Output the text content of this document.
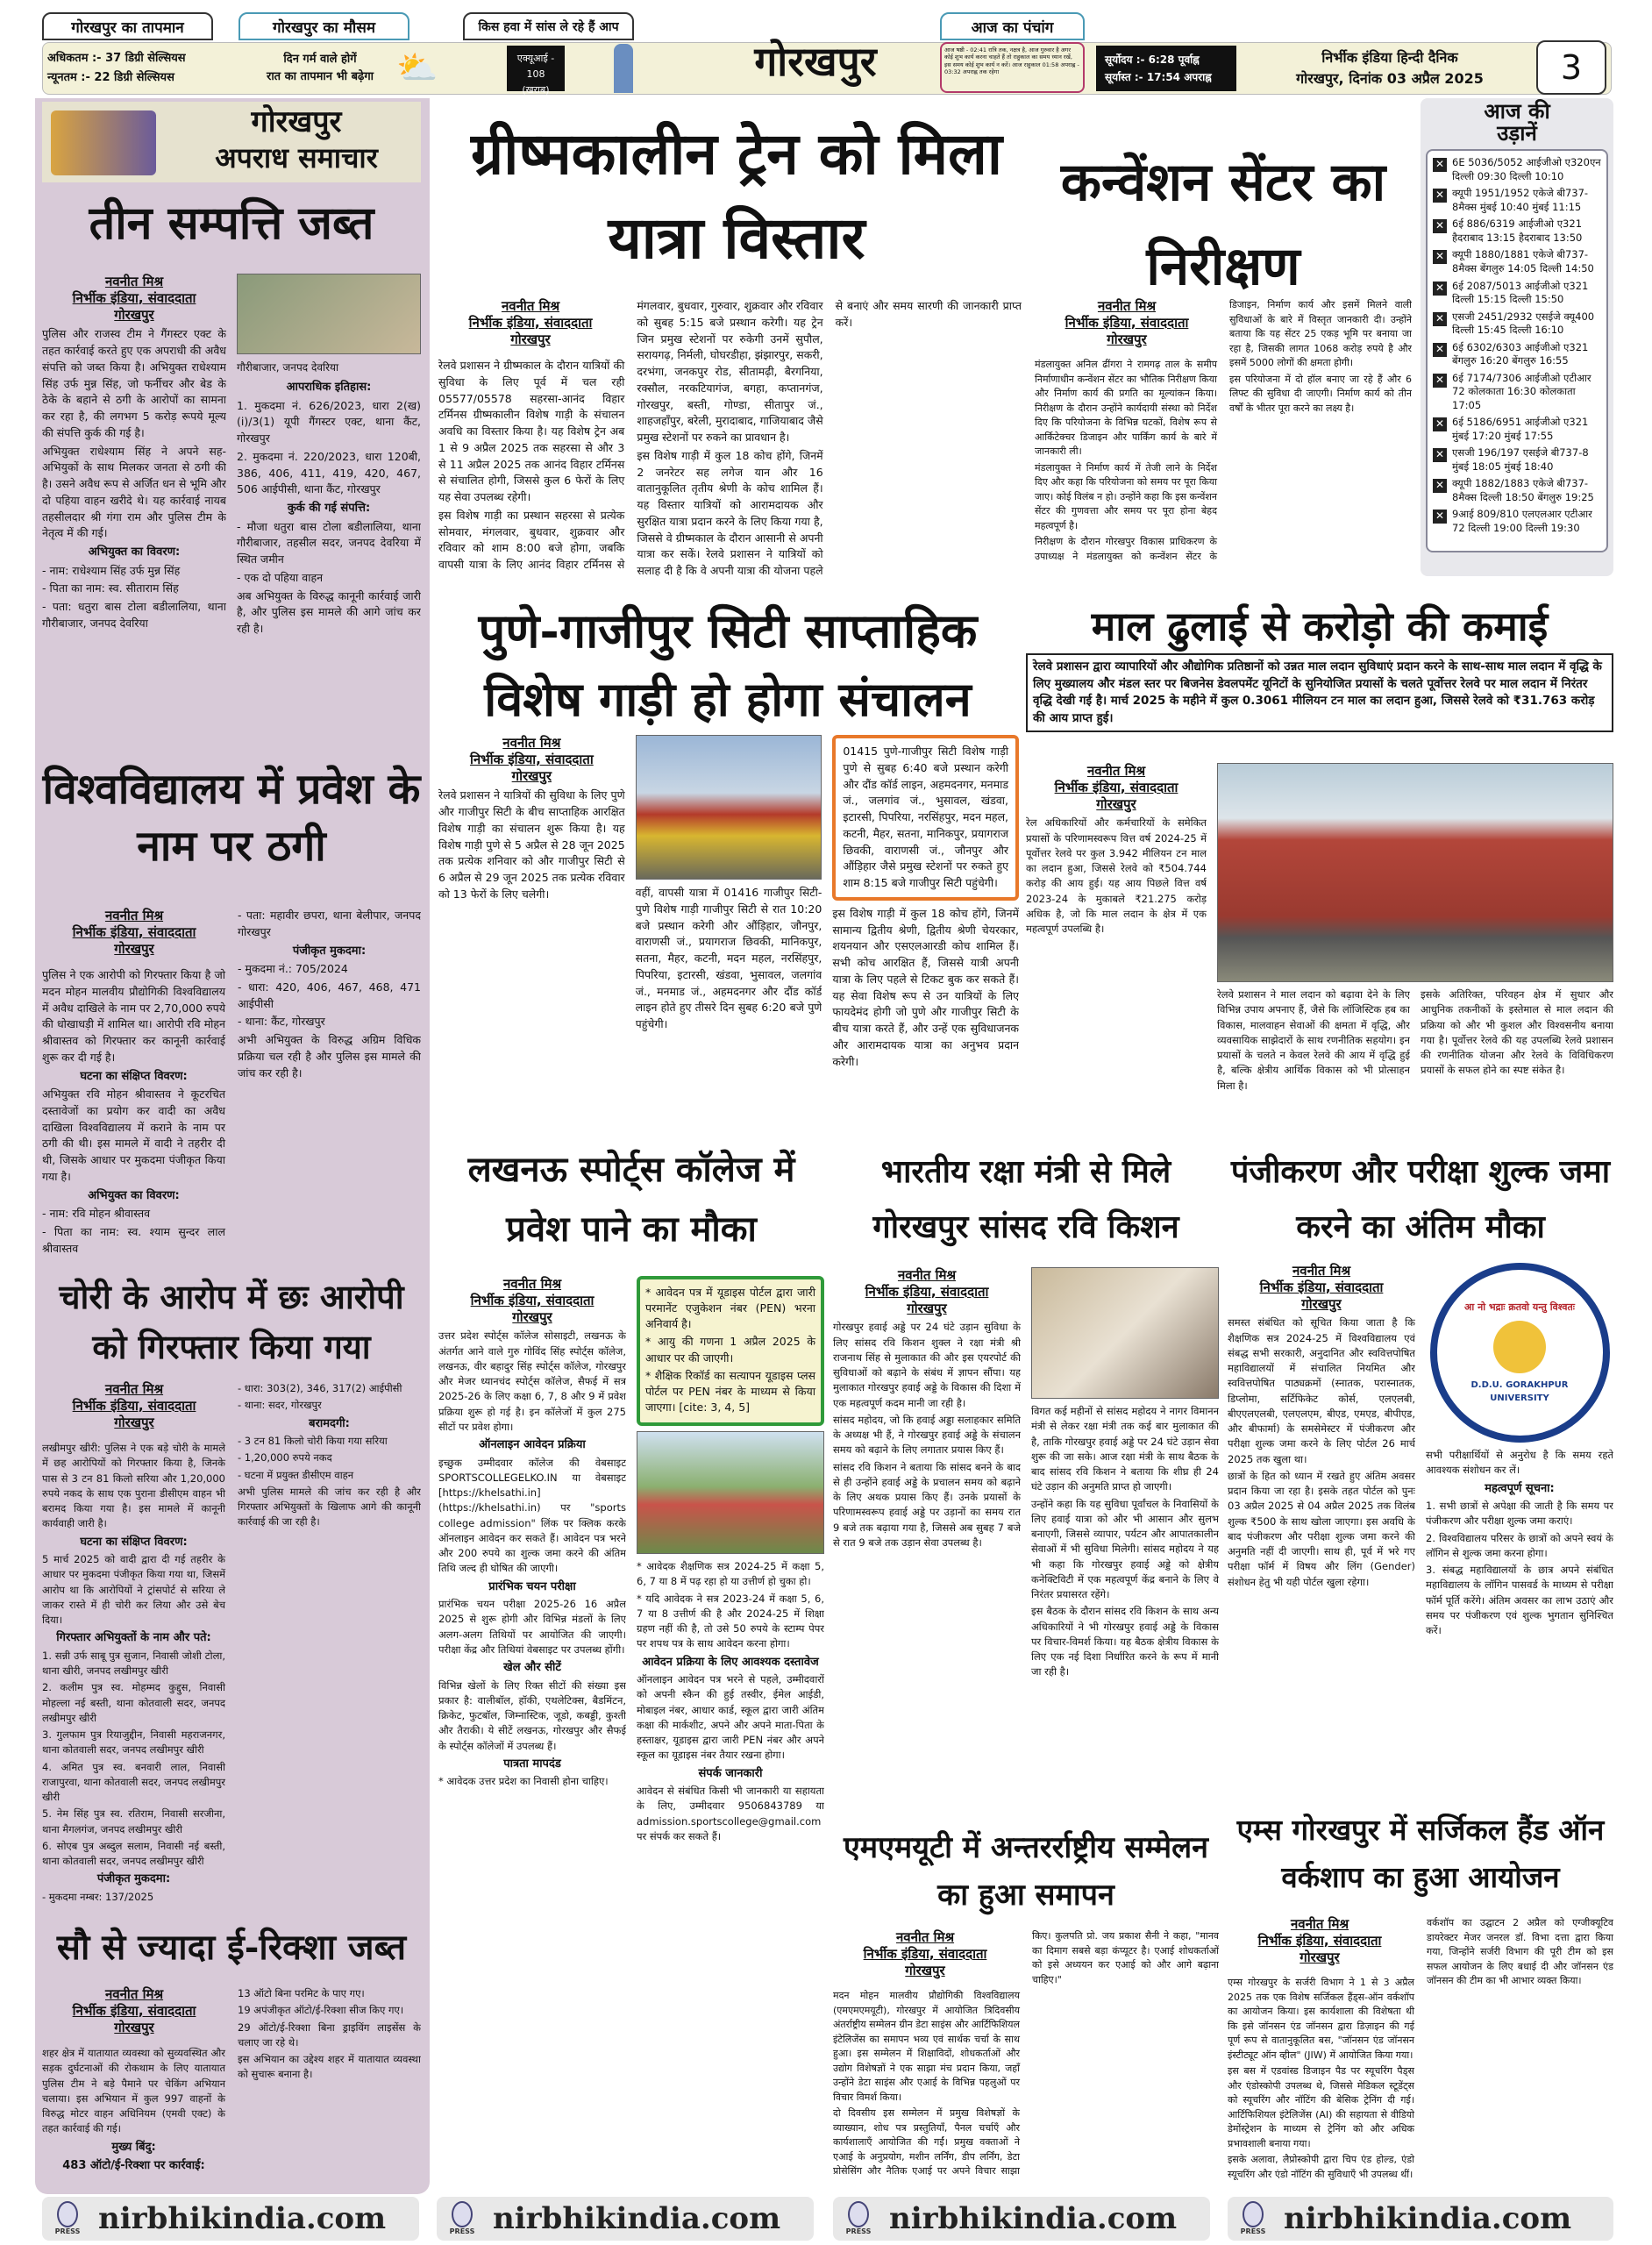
गोरखपुर का तापमान	गोरखपुर का मौसम	किस हवा में सांस ले रहे हैं आप	आज का पंचांग
अधिकतम :- 37 डिग्री सेल्सियस
न्यूनतम :- 22 डिग्री सेल्सियस
दिन गर्म वाले होगें
रात का तापमान भी बढ़ेगा ⛅	एक्यूआई - 108
(खराब)
गोरखपुर	आज षष्ठी - 02:41 रात्रि तक, नक्षत्र है, आज गुरुवार है अगर कोई शुभ कार्य करना चाहते हैं तो राहुकाल का समय ध्यान रखें, इस समय कोई शुभ कार्य न करें। आज राहुकाल 01:58 अपराह्न - 03:32 अपराह्न तक रहेगा
सूर्योदय :- 6:28 पूर्वाह्न
सूर्यास्त :- 17:54 अपराह्न
निर्भीक इंडिया हिन्दी दैनिक
गोरखपुर, दिनांक 03 अप्रैल 2025	3
गोरखपुर
अपराध समाचार
तीन सम्पत्ति जब्त
नवनीत मिश्र
निर्भीक इंडिया, संवाददाता
गोरखपुर

पुलिस और राजस्व टीम ने गैंगस्टर एक्ट के तहत कार्रवाई करते हुए एक अपराधी की अवैध संपत्ति को जब्त किया है। अभियुक्त राधेश्याम सिंह उर्फ मुन्न सिंह, जो फर्नीचर और बेड के ठेके के बहाने से ठगी के आरोपों का सामना कर रहा है, की लगभग 5 करोड़ रूपये मूल्य की संपत्ति कुर्क की गई है।

अभियुक्त राधेश्याम सिंह ने अपने सह-अभियुकों के साथ मिलकर जनता से ठगी की है। उसने अवैध रूप से अर्जित धन से भूमि और दो पहिया वाहन खरीदे थे। यह कार्रवाई नायब तहसीलदार श्री गंगा राम और पुलिस टीम के नेतृत्व में की गई।

अभियुक्त का विवरण:

- नाम: राधेश्याम सिंह उर्फ मुन्न सिंह

- पिता का नाम: स्व. सीताराम सिंह

- पता: धतुरा बास टोला बडीलालिया, थाना गौरीबाजार, जनपद देवरिया

गौरीबाजार, जनपद देवरिया

आपराधिक इतिहास:

1. मुकदमा नं. 626/2023, धारा 2(ख)(i)/3(1) यूपी गैंगस्टर एक्ट, थाना कैंट, गोरखपुर

2. मुकदमा नं. 220/2023, धारा 120बी, 386, 406, 411, 419, 420, 467, 506 आईपीसी, थाना कैंट, गोरखपुर

कुर्क की गई संपत्ति:

- मौजा धतुरा बास टोला बडीलालिया, थाना गौरीबाजार, तहसील सदर, जनपद देवरिया में स्थित जमीन

- एक दो पहिया वाहन

अब अभियुक्त के विरुद्ध कानूनी कार्रवाई जारी है, और पुलिस इस मामले की आगे जांच कर रही है।

विश्वविद्यालय में प्रवेश के नाम पर ठगी
नवनीत मिश्र
निर्भीक इंडिया, संवाददाता
गोरखपुर

पुलिस ने एक आरोपी को गिरफ्तार किया है जो मदन मोहन मालवीय प्रौद्योगिकी विश्वविद्यालय में अवैध दाखिले के नाम पर 2,70,000 रुपये की धोखाधड़ी में शामिल था। आरोपी रवि मोहन श्रीवास्तव को गिरफ्तार कर कानूनी कार्रवाई शुरू कर दी गई है।

घटना का संक्षिप्त विवरण:

अभियुक्त रवि मोहन श्रीवास्तव ने कूटरचित दस्तावेजों का प्रयोग कर वादी का अवैध दाखिला विश्वविद्यालय में कराने के नाम पर ठगी की थी। इस मामले में वादी ने तहरीर दी थी, जिसके आधार पर मुकदमा पंजीकृत किया गया है।

अभियुक्त का विवरण:

- नाम: रवि मोहन श्रीवास्तव

- पिता का नाम: स्व. श्याम सुन्दर लाल श्रीवास्तव

- पता: महावीर छपरा, थाना बेलीपार, जनपद गोरखपुर

पंजीकृत मुकदमा:

- मुकदमा नं.: 705/2024

- धारा: 420, 406, 467, 468, 471 आईपीसी

- थाना: कैंट, गोरखपुर

अभी अभियुक्त के विरुद्ध अग्रिम विधिक प्रक्रिया चल रही है और पुलिस इस मामले की जांच कर रही है।

चोरी के आरोप में छः आरोपी को गिरफ्तार किया गया
नवनीत मिश्र
निर्भीक इंडिया, संवाददाता
गोरखपुर

लखीमपुर खीरी: पुलिस ने एक बड़े चोरी के मामले में छह आरोपियों को गिरफ्तार किया है, जिनके पास से 3 टन 81 किलो सरिया और 1,20,000 रुपये नकद के साथ एक पुराना डीसीएम वाहन भी बरामद किया गया है। इस मामले में कानूनी कार्यवाही जारी है।

घटना का संक्षिप्त विवरण:

5 मार्च 2025 को वादी द्वारा दी गई तहरीर के आधार पर मुकदमा पंजीकृत किया गया था, जिसमें आरोप था कि आरोपियों ने ट्रांसपोर्ट से सरिया ले जाकर रास्ते में ही चोरी कर लिया और उसे बेच दिया।

गिरफ्तार अभियुक्तों के नाम और पते:

1. सन्नी उर्फ साबू पुत्र सुजान, निवासी जोशी टोला, थाना खीरी, जनपद लखीमपुर खीरी

2. कलीम पुत्र स्व. मोहम्मद कुद्दुस, निवासी मोहल्ला नई बस्ती, थाना कोतवाली सदर, जनपद लखीमपुर खीरी

3. गुलफाम पुत्र रियाजुद्दीन, निवासी महराजनगर, थाना कोतवाली सदर, जनपद लखीमपुर खीरी

4. अमित पुत्र स्व. बनवारी लाल, निवासी राजापुरवा, थाना कोतवाली सदर, जनपद लखीमपुर खीरी

5. नेम सिंह पुत्र स्व. रतिराम, निवासी सरजीना, थाना मैगलगंज, जनपद लखीमपुर खीरी

6. सोएब पुत्र अब्दुल सलाम, निवासी नई बस्ती, थाना कोतवाली सदर, जनपद लखीमपुर खीरी

पंजीकृत मुकदमा:

- मुकदमा नम्बर: 137/2025

- धारा: 303(2), 346, 317(2) आईपीसी

- थाना: सदर, गोरखपुर

बरामदगी:

- 3 टन 81 किलो चोरी किया गया सरिया

- 1,20,000 रुपये नकद

- घटना में प्रयुक्त डीसीएम वाहन

अभी पुलिस मामले की जांच कर रही है और गिरफ्तार अभियुक्तों के खिलाफ आगे की कानूनी कार्रवाई की जा रही है।

सौ से ज्यादा ई-रिक्शा जब्त
नवनीत मिश्र
निर्भीक इंडिया, संवाददाता
गोरखपुर

शहर क्षेत्र में यातायात व्यवस्था को सुव्यवस्थित और सड़क दुर्घटनाओं की रोकथाम के लिए यातायात पुलिस टीम ने बड़े पैमाने पर चेकिंग अभियान चलाया। इस अभियान में कुल 997 वाहनों के विरुद्ध मोटर वाहन अधिनियम (एमवी एक्ट) के तहत कार्रवाई की गई।

मुख्य बिंदु:

483 ऑटो/ई-रिक्शा पर कार्रवाई:

13 ऑटो बिना परमिट के पाए गए।

19 अपंजीकृत ऑटो/ई-रिक्शा सीज किए गए।

29 ऑटो/ई-रिक्शा बिना ड्राइविंग लाइसेंस के चलाए जा रहे थे।

इस अभियान का उद्देश्य शहर में यातायात व्यवस्था को सुचारू बनाना है।

ग्रीष्मकालीन ट्रेन को मिला यात्रा विस्तार
नवनीत मिश्र
निर्भीक इंडिया, संवाददाता
गोरखपुर

रेलवे प्रशासन ने ग्रीष्मकाल के दौरान यात्रियों की सुविधा के लिए पूर्व में चल रही 05577/05578 सहरसा-आनंद विहार टर्मिनस ग्रीष्मकालीन विशेष गाड़ी के संचालन अवधि का विस्तार किया है। यह विशेष ट्रेन अब 1 से 9 अप्रैल 2025 तक सहरसा से और 3 से 11 अप्रैल 2025 तक आनंद विहार टर्मिनस से संचालित होगी, जिससे कुल 6 फेरों के लिए यह सेवा उपलब्ध रहेगी।

इस विशेष गाड़ी का प्रस्थान सहरसा से प्रत्येक सोमवार, मंगलवार, बुधवार, शुक्रवार और रविवार को शाम 8:00 बजे होगा, जबकि वापसी यात्रा के लिए आनंद विहार टर्मिनस से मंगलवार, बुधवार, गुरुवार, शुक्रवार और रविवार को सुबह 5:15 बजे प्रस्थान करेगी। यह ट्रेन जिन प्रमुख स्टेशनों पर रुकेगी उनमें सुपौल, सरायगढ़, निर्मली, घोघरडीहा, झंझारपुर, सकरी, दरभंगा, जनकपुर रोड, सीतामढ़ी, बैरगनिया, रक्सौल, नरकटियागंज, बगहा, कप्तानगंज, गोरखपुर, बस्ती, गोण्डा, सीतापुर जं., शाहजहाँपुर, बरेली, मुरादाबाद, गाजियाबाद जैसे प्रमुख स्टेशनों पर रुकने का प्रावधान है।

इस विशेष गाड़ी में कुल 18 कोच होंगे, जिनमें 2 जनरेटर सह लगेज यान और 16 वातानुकूलित तृतीय श्रेणी के कोच शामिल हैं। यह विस्तार यात्रियों को आरामदायक और सुरक्षित यात्रा प्रदान करने के लिए किया गया है, जिससे वे ग्रीष्मकाल के दौरान आसानी से अपनी यात्रा कर सकें। रेलवे प्रशासन ने यात्रियों को सलाह दी है कि वे अपनी यात्रा की योजना पहले से बनाएं और समय सारणी की जानकारी प्राप्त करें।

कन्वेंशन सेंटर का निरीक्षण
नवनीत मिश्र
निर्भीक इंडिया, संवाददाता
गोरखपुर

मंडलायुक्त अनिल ढींगरा ने रामगढ़ ताल के समीप निर्माणाधीन कन्वेंशन सेंटर का भौतिक निरीक्षण किया और निर्माण कार्य की प्रगति का मूल्यांकन किया। निरीक्षण के दौरान उन्होंने कार्यदायी संस्था को निर्देश दिए कि परियोजना के विभिन्न घटकों, विशेष रूप से आर्किटेक्चर डिजाइन और पार्किंग कार्य के बारे में जानकारी ली।

मंडलायुक्त ने निर्माण कार्य में तेजी लाने के निर्देश दिए और कहा कि परियोजना को समय पर पूरा किया जाए। कोई विलंब न हो। उन्होंने कहा कि इस कन्वेंशन सेंटर की गुणवत्ता और समय पर पूरा होना बेहद महत्वपूर्ण है।

निरीक्षण के दौरान गोरखपुर विकास प्राधिकरण के उपाध्यक्ष ने मंडलायुक्त को कन्वेंशन सेंटर के डिजाइन, निर्माण कार्य और इसमें मिलने वाली सुविधाओं के बारे में विस्तृत जानकारी दी। उन्होंने बताया कि यह सेंटर 25 एकड़ भूमि पर बनाया जा रहा है, जिसकी लागत 1068 करोड़ रुपये है और इसमें 5000 लोगों की क्षमता होगी।

इस परियोजना में दो हॉल बनाए जा रहे हैं और 6 लिफ्ट की सुविधा दी जाएगी। निर्माण कार्य को तीन वर्षों के भीतर पूरा करने का लक्ष्य है।

आज की
उड़ानें
✕
6E 5036/5052 आईजीओ ए320एन दिल्ली 09:30 दिल्ली 10:10
✕
क्यूपी 1951/1952 एकेजे बी737-8मैक्स मुंबई 10:40 मुंबई 11:15
✕
6ई 886/6319 आईजीओ ए321 हैदराबाद 13:15 हैदराबाद 13:50
✕
क्यूपी 1880/1881 एकेजे बी737-8मैक्स बेंगलुरु 14:05 दिल्ली 14:50
✕
6ई 2087/5013 आईजीओ ए321 दिल्ली 15:15 दिल्ली 15:50
✕
एसजी 2451/2932 एसईजे क्यू400 दिल्ली 15:45 दिल्ली 16:10
✕
6ई 6302/6303 आईजीओ ए321 बेंगलुरु 16:20 बेंगलुरु 16:55
✕
6ई 7174/7306 आईजीओ एटीआर 72 कोलकाता 16:30 कोलकाता 17:05
✕
6ई 5186/6951 आईजीओ ए321 मुंबई 17:20 मुंबई 17:55
✕
एसजी 196/197 एसईजे बी737-8 मुंबई 18:05 मुंबई 18:40
✕
क्यूपी 1882/1883 एकेजे बी737-8मैक्स दिल्ली 18:50 बेंगलुरु 19:25
✕
9आई 809/810 एलएलआर एटीआर 72 दिल्ली 19:00 दिल्ली 19:30
पुणे-गाजीपुर सिटी साप्ताहिक विशेष गाड़ी हो होगा संचालन
नवनीत मिश्र
निर्भीक इंडिया, संवाददाता
गोरखपुर

रेलवे प्रशासन ने यात्रियों की सुविधा के लिए पुणे और गाजीपुर सिटी के बीच साप्ताहिक आरक्षित विशेष गाड़ी का संचालन शुरू किया है। यह विशेष गाड़ी पुणे से 5 अप्रैल से 28 जून 2025 तक प्रत्येक शनिवार को और गाजीपुर सिटी से 6 अप्रैल से 29 जून 2025 तक प्रत्येक रविवार को 13 फेरों के लिए चलेगी।	वहीं, वापसी यात्रा में 01416 गाजीपुर सिटी-पुणे विशेष गाड़ी गाजीपुर सिटी से रात 10:20 बजे प्रस्थान करेगी और औंड़िहार, जौनपुर, वाराणसी जं., प्रयागराज छिवकी, मानिकपुर, सतना, मैहर, कटनी, मदन महल, नरसिंहपुर, पिपरिया, इटारसी, खंडवा, भुसावल, जलगांव जं., मनमाड जं., अहमदनगर और दौंड कॉर्ड लाइन होते हुए तीसरे दिन सुबह 6:20 बजे पुणे पहुंचेगी।

01415 पुणे-गाजीपुर सिटी विशेष गाड़ी पुणे से सुबह 6:40 बजे प्रस्थान करेगी और दौंड कॉर्ड लाइन, अहमदनगर, मनमाड जं., जलगांव जं., भुसावल, खंडवा, इटारसी, पिपरिया, नरसिंहपुर, मदन महल, कटनी, मैहर, सतना, मानिकपुर, प्रयागराज छिवकी, वाराणसी जं., जौनपुर और औंड़िहार जैसे प्रमुख स्टेशनों पर रुकते हुए शाम 8:15 बजे गाजीपुर सिटी पहुंचेगी।

इस विशेष गाड़ी में कुल 18 कोच होंगे, जिनमें सामान्य द्वितीय श्रेणी, द्वितीय श्रेणी चेयरकार, शयनयान और एसएलआरडी कोच शामिल हैं। सभी कोच आरक्षित हैं, जिससे यात्री अपनी यात्रा के लिए पहले से टिकट बुक कर सकते हैं। यह सेवा विशेष रूप से उन यात्रियों के लिए फायदेमंद होगी जो पुणे और गाजीपुर सिटी के बीच यात्रा करते हैं, और उन्हें एक सुविधाजनक और आरामदायक यात्रा का अनुभव प्रदान करेगी।

माल ढुलाई से करोड़ो की कमाई
रेलवे प्रशासन द्वारा व्यापारियों और औद्योगिक प्रतिष्ठानों को उन्नत माल लदान सुविधाएं प्रदान करने के साथ-साथ माल लदान में वृद्धि के लिए मुख्यालय और मंडल स्तर पर बिजनेस डेवलपमेंट यूनिटों के सुनियोजित प्रयासों के चलते पूर्वोत्तर रेलवे पर माल लदान में निरंतर वृद्धि देखी गई है। मार्च 2025 के महीने में कुल 0.3061 मीलियन टन माल का लदान हुआ, जिससे रेलवे को ₹31.763 करोड़ की आय प्राप्त हुई।
नवनीत मिश्र
निर्भीक इंडिया, संवाददाता
गोरखपुर

रेल अधिकारियों और कर्मचारियों के समेकित प्रयासों के परिणामस्वरूप वित्त वर्ष 2024-25 में पूर्वोत्तर रेलवे पर कुल 3.942 मीलियन टन माल का लदान हुआ, जिससे रेलवे को ₹504.744 करोड़ की आय हुई। यह आय पिछले वित्त वर्ष 2023-24 के मुकाबले ₹21.275 करोड़ अधिक है, जो कि माल लदान के क्षेत्र में एक महत्वपूर्ण उपलब्धि है।

रेलवे प्रशासन ने माल लदान को बढ़ावा देने के लिए विभिन्न उपाय अपनाए हैं, जैसे कि लॉजिस्टिक हब का विकास, मालवाहन सेवाओं की क्षमता में वृद्धि, और व्यवसायिक साझेदारों के साथ रणनीतिक सहयोग। इन प्रयासों के चलते न केवल रेलवे की आय में वृद्धि हुई है, बल्कि क्षेत्रीय आर्थिक विकास को भी प्रोत्साहन मिला है।

इसके अतिरिक्त, परिवहन क्षेत्र में सुधार और आधुनिक तकनीकों के इस्तेमाल से माल लदान की प्रक्रिया को और भी कुशल और विश्वसनीय बनाया गया है। पूर्वोत्तर रेलवे की यह उपलब्धि रेलवे प्रशासन की रणनीतिक योजना और रेलवे के विविधिकरण प्रयासों के सफल होने का स्पष्ट संकेत है।

लखनऊ स्पोर्ट्स कॉलेज में प्रवेश पाने का मौका
नवनीत मिश्र
निर्भीक इंडिया, संवाददाता
गोरखपुर

उत्तर प्रदेश स्पोर्ट्स कॉलेज सोसाइटी, लखनऊ के अंतर्गत आने वाले गुरु गोविंद सिंह स्पोर्ट्स कॉलेज, लखनऊ, वीर बहादुर सिंह स्पोर्ट्स कॉलेज, गोरखपुर और मेजर ध्यानचंद स्पोर्ट्स कॉलेज, सैफई में सत्र 2025-26 के लिए कक्षा 6, 7, 8 और 9 में प्रवेश प्रक्रिया शुरू हो गई है। इन कॉलेजों में कुल 275 सीटों पर प्रवेश होगा।

ऑनलाइन आवेदन प्रक्रिया

इच्छुक उम्मीदवार कॉलेज की वेबसाइट SPORTSCOLLEGELKO.IN या वेबसाइट [https://khelsathi.in](https://khelsathi.in) पर "sports college admission" लिंक पर क्लिक करके ऑनलाइन आवेदन कर सकते हैं। आवेदन पत्र भरने और 200 रुपये का शुल्क जमा करने की अंतिम तिथि जल्द ही घोषित की जाएगी।

प्रारंभिक चयन परीक्षा

प्रारंभिक चयन परीक्षा 2025-26 16 अप्रैल 2025 से शुरू होगी और विभिन्न मंडलों के लिए अलग-अलग तिथियों पर आयोजित की जाएगी। परीक्षा केंद्र और तिथियां वेबसाइट पर उपलब्ध होंगी।

खेल और सीटें

विभिन्न खेलों के लिए रिक्त सीटों की संख्या इस प्रकार है: वालीबॉल, हॉकी, एथलेटिक्स, बैडमिंटन, क्रिकेट, फुटबॉल, जिम्नास्टिक, जूडो, कबड्डी, कुश्ती और तैराकी। ये सीटें लखनऊ, गोरखपुर और सैफई के स्पोर्ट्स कॉलेजों में उपलब्ध हैं।

पात्रता मापदंड

* आवेदक उत्तर प्रदेश का निवासी होना चाहिए।

* आवेदन पत्र में यूडाइस पोर्टल द्वारा जारी परमानेंट एजुकेशन नंबर (PEN) भरना अनिवार्य है।

* आयु की गणना 1 अप्रैल 2025 के आधार पर की जाएगी।

* शैक्षिक रिकॉर्ड का सत्यापन यूडाइस प्लस पोर्टल पर PEN नंबर के माध्यम से किया जाएगा। [cite: 3, 4, 5]

* आवेदक शैक्षणिक सत्र 2024-25 में कक्षा 5, 6, 7 या 8 में पढ़ रहा हो या उत्तीर्ण हो चुका हो।

* यदि आवेदक ने सत्र 2023-24 में कक्षा 5, 6, 7 या 8 उत्तीर्ण की है और 2024-25 में शिक्षा ग्रहण नहीं की है, तो उसे 50 रुपये के स्टाम्प पेपर पर शपथ पत्र के साथ आवेदन करना होगा।

आवेदन प्रक्रिया के लिए आवश्यक दस्तावेज

ऑनलाइन आवेदन पत्र भरने से पहले, उम्मीदवारों को अपनी स्कैन की हुई तस्वीर, ईमेल आईडी, मोबाइल नंबर, आधार कार्ड, स्कूल द्वारा जारी अंतिम कक्षा की मार्कशीट, अपने और अपने माता-पिता के हस्ताक्षर, यूडाइस द्वारा जारी PEN नंबर और अपने स्कूल का यूडाइस नंबर तैयार रखना होगा।

संपर्क जानकारी

आवेदन से संबंधित किसी भी जानकारी या सहायता के लिए, उम्मीदवार 9506843789 या admission.sportscollege@gmail.com पर संपर्क कर सकते हैं।

भारतीय रक्षा मंत्री से मिले गोरखपुर सांसद रवि किशन
नवनीत मिश्र
निर्भीक इंडिया, संवाददाता
गोरखपुर

गोरखपुर हवाई अड्डे पर 24 घंटे उड़ान सुविधा के लिए सांसद रवि किशन शुक्ल ने रक्षा मंत्री श्री राजनाथ सिंह से मुलाकात की और इस एयरपोर्ट की सुविधाओं को बढ़ाने के संबंध में ज्ञापन सौंपा। यह मुलाकात गोरखपुर हवाई अड्डे के विकास की दिशा में एक महत्वपूर्ण कदम मानी जा रही है।

सांसद महोदय, जो कि हवाई अड्डा सलाहकार समिति के अध्यक्ष भी हैं, ने गोरखपुर हवाई अड्डे के संचालन समय को बढ़ाने के लिए लगातार प्रयास किए हैं।

सांसद रवि किशन ने बताया कि सांसद बनने के बाद से ही उन्होंने हवाई अड्डे के प्रचालन समय को बढ़ाने के लिए अथक प्रयास किए हैं। उनके प्रयासों के परिणामस्वरूप हवाई अड्डे पर उड़ानों का समय रात 9 बजे तक बढ़ाया गया है, जिससे अब सुबह 7 बजे से रात 9 बजे तक उड़ान सेवा उपलब्ध है।

विगत कई महीनों से सांसद महोदय ने नागर विमानन मंत्री से लेकर रक्षा मंत्री तक कई बार मुलाकात की है, ताकि गोरखपुर हवाई अड्डे पर 24 घंटे उड़ान सेवा शुरू की जा सके। आज रक्षा मंत्री के साथ बैठक के बाद सांसद रवि किशन ने बताया कि शीघ्र ही 24 घंटे उड़ान की अनुमति प्राप्त हो जाएगी।

उन्होंने कहा कि यह सुविधा पूर्वांचल के निवासियों के लिए हवाई यात्रा को और भी आसान और सुलभ बनाएगी, जिससे व्यापार, पर्यटन और आपातकालीन सेवाओं में भी सुविधा मिलेगी। सांसद महोदय ने यह भी कहा कि गोरखपुर हवाई अड्डे को क्षेत्रीय कनेक्टिविटी में एक महत्वपूर्ण केंद्र बनाने के लिए वे निरंतर प्रयासरत रहेंगे।

इस बैठक के दौरान सांसद रवि किशन के साथ अन्य अधिकारियों ने भी गोरखपुर हवाई अड्डे के विकास पर विचार-विमर्श किया। यह बैठक क्षेत्रीय विकास के लिए एक नई दिशा निर्धारित करने के रूप में मानी जा रही है।

पंजीकरण और परीक्षा शुल्क जमा करने का अंतिम मौका
नवनीत मिश्र
निर्भीक इंडिया, संवाददाता
गोरखपुर

समस्त संबंधित को सूचित किया जाता है कि शैक्षणिक सत्र 2024-25 में विश्वविद्यालय एवं संबद्ध सभी सरकारी, अनुदानित और स्ववित्तपोषित महाविद्यालयों में संचालित नियमित और स्ववित्तपोषित पाठ्यक्रमों (स्नातक, परास्नातक, डिप्लोमा, सर्टिफिकेट कोर्स, एलएलबी, बीएएलएलबी, एलएलएम, बीएड, एमएड, बीपीएड, और बीफार्मा) के समसेमेस्टर में पंजीकरण और परीक्षा शुल्क जमा करने के लिए पोर्टल 26 मार्च 2025 तक खुला था।

छात्रों के हित को ध्यान में रखते हुए अंतिम अवसर प्रदान किया जा रहा है। इसके तहत पोर्टल को पुनः 03 अप्रैल 2025 से 04 अप्रैल 2025 तक विलंब शुल्क ₹500 के साथ खोला जाएगा। इस अवधि के बाद पंजीकरण और परीक्षा शुल्क जमा करने की अनुमति नहीं दी जाएगी। साथ ही, पूर्व में भरे गए परीक्षा फॉर्म में विषय और लिंग (Gender) संशोधन हेतु भी यही पोर्टल खुला रहेगा।

आ नो भद्राः क्रतवो यन्तु विश्वतः
D.D.U. GORAKHPUR UNIVERSITY

सभी परीक्षार्थियों से अनुरोध है कि समय रहते आवश्यक संशोधन कर लें।

महत्वपूर्ण सूचना:

1. सभी छात्रों से अपेक्षा की जाती है कि समय पर पंजीकरण और परीक्षा शुल्क जमा कराएं।

2. विश्वविद्यालय परिसर के छात्रों को अपने स्वयं के लॉगिन से शुल्क जमा करना होगा।

3. संबद्ध महाविद्यालयों के छात्र अपने संबंधित महाविद्यालय के लॉगिन पासवर्ड के माध्यम से परीक्षा फॉर्म पूर्ति करेंगे। अंतिम अवसर का लाभ उठाएं और समय पर पंजीकरण एवं शुल्क भुगतान सुनिश्चित करें।

एमएमयूटी में अन्तरर्राष्ट्रीय सम्मेलन का हुआ समापन
नवनीत मिश्र
निर्भीक इंडिया, संवाददाता
गोरखपुर

मदन मोहन मालवीय प्रौद्योगिकी विश्वविद्यालय (एमएमएमयूटी), गोरखपुर में आयोजित त्रिदिवसीय अंतर्राष्ट्रीय सम्मेलन ग्रीन डेटा साइंस और आर्टिफिशियल इंटेलिजेंस का समापन भव्य एवं सार्थक चर्चा के साथ हुआ। इस सम्मेलन में शिक्षाविदों, शोधकर्ताओं और उद्योग विशेषज्ञों ने एक साझा मंच प्रदान किया, जहाँ उन्होंने डेटा साइंस और एआई के विभिन्न पहलुओं पर विचार विमर्श किया।

दो दिवसीय इस सम्मेलन में प्रमुख विशेषज्ञों के व्याख्यान, शोध पत्र प्रस्तुतियाँ, पैनल चर्चाएँ और कार्यशालाएँ आयोजित की गईं। प्रमुख वक्ताओं ने एआई के अनुप्रयोग, मशीन लर्निंग, डीप लर्निंग, डेटा प्रोसेसिंग और नैतिक एआई पर अपने विचार साझा किए। कुलपति प्रो. जय प्रकाश सैनी ने कहा, "मानव का दिमाग सबसे बड़ा कंप्यूटर है। एआई शोधकर्ताओं को इसे अध्ययन कर एआई को और आगे बढ़ाना चाहिए।"

एम्स गोरखपुर में सर्जिकल हैंड ऑन वर्कशाप का हुआ आयोजन
नवनीत मिश्र
निर्भीक इंडिया, संवाददाता
गोरखपुर

एम्स गोरखपुर के सर्जरी विभाग ने 1 से 3 अप्रैल 2025 तक एक विशेष सर्जिकल हैंड्स-ऑन वर्कशॉप का आयोजन किया। इस कार्यशाला की विशेषता थी कि इसे जॉनसन एंड जॉनसन द्वारा डिज़ाइन की गई पूर्ण रूप से वातानुकूलित बस, "जॉनसन एंड जॉनसन इंस्टीट्यूट ऑन व्हील" (JIW) में आयोजित किया गया।

इस बस में एडवांस्ड डिजाइन पैड पर स्यूचरिंग पैड्स और एंडोस्कोपी उपलब्ध थे, जिससे मेडिकल स्टूडेंट्स को स्यूचरिंग और नॉटिंग की बेसिक ट्रेनिंग दी गई। आर्टिफिशियल इंटेलिजेंस (AI) की सहायता से वीडियो डेमोंस्ट्रेशन के माध्यम से ट्रेनिंग को और अधिक प्रभावशाली बनाया गया।

इसके अलावा, लैप्रोस्कोपी द्वारा चिप एंड होल्ड, एंडो स्यूचरिंग और एंडो नॉटिंग की सुविधाएँ भी उपलब्ध थीं।

वर्कशॉप का उद्घाटन 2 अप्रैल को एग्जीक्यूटिव डायरेक्टर मेजर जनरल डॉ. विभा दत्ता द्वारा किया गया, जिन्होंने सर्जरी विभाग की पूरी टीम को इस सफल आयोजन के लिए बधाई दी और जॉनसन एंड जॉनसन की टीम का भी आभार व्यक्त किया।

PRESS nirbhikindia.com	PRESS nirbhikindia.com	PRESS nirbhikindia.com	PRESS nirbhikindia.com
